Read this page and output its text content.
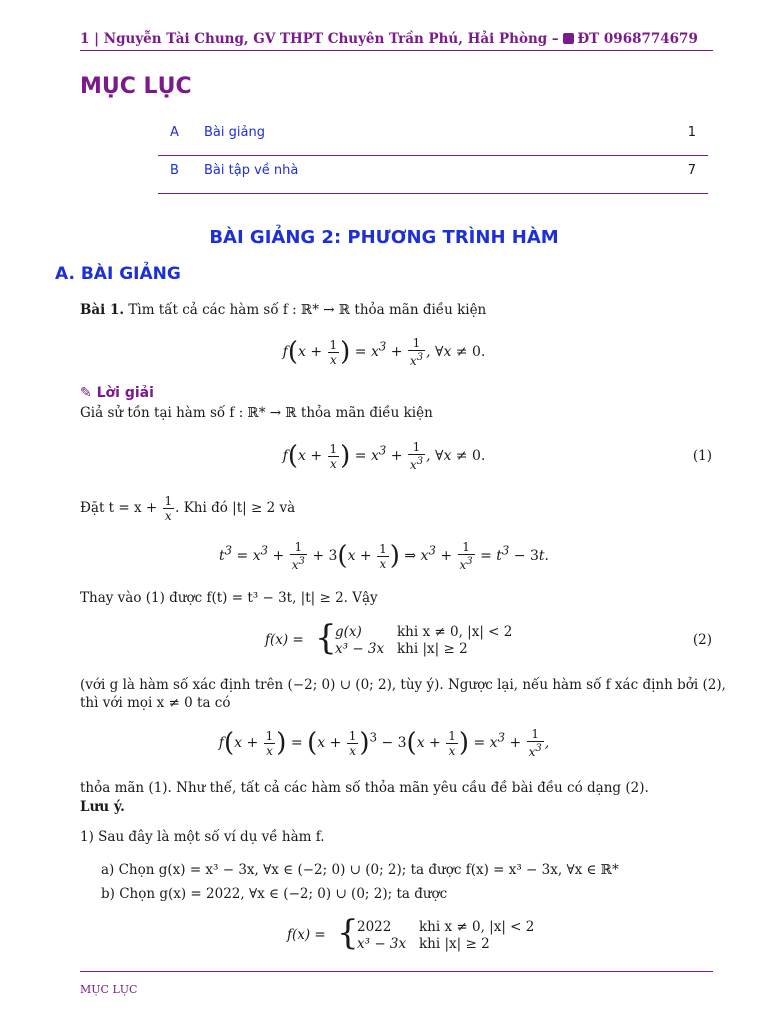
1 | Nguyễn Tài Chung, GV THPT Chuyên Trần Phú, Hải Phòng – ĐT 0968774679
MỤC LỤC
A Bài giảng	1
B Bài tập về nhà	7
BÀI GIẢNG 2: PHƯƠNG TRÌNH HÀM
A. BÀI GIẢNG
Bài 1. Tìm tất cả các hàm số f : ℝ* → ℝ thỏa mãn điều kiện
$f(x + \frac{1}{x}$ ) = $x^3 + \frac{1}{x^3}$ , ∀x ≠ 0.
✎ Lời giải
Giả sử tồn tại hàm số f : ℝ* → ℝ thỏa mãn điều kiện
$f(x + \frac{1}{x}$ ) = $x^3 + \frac{1}{x^3}$ , ∀x ≠ 0.	(1)
Đặt $t = x + \frac{1}{x}$ . Khi đó |t| ≥ 2 và
$t^3 = x^3 + \frac{1}{x^3} + 3(x + \frac{1}{x}$ ) ⇒ $x^3 + \frac{1}{x^3} = t^3 - 3t$.
Thay vào (1) được f(t) = t³ − 3t, |t| ≥ 2. Vậy
f(x) = {
g(x)	khi x ≠ 0, |x| < 2
x³ − 3x khi |x| ≥ 2
(2)
(với g là hàm số xác định trên (−2; 0) ∪ (0; 2), tùy ý). Ngược lại, nếu hàm số f xác định bởi (2),
thì với mọi x ≠ 0 ta có
$f(x + \frac{1}{x}$ ) = $(x + \frac{1}{x} )^3 - 3(x + \frac{1}{x}$ ) = $x^3 + \frac{1}{x^3}$ ,
thỏa mãn (1). Như thế, tất cả các hàm số thỏa mãn yêu cầu đề bài đều có dạng (2).
Lưu ý.
1) Sau đây là một số ví dụ về hàm f.
a) Chọn g(x) = x³ − 3x, ∀x ∈ (−2; 0) ∪ (0; 2); ta được f(x) = x³ − 3x, ∀x ∈ ℝ*
b) Chọn g(x) = 2022, ∀x ∈ (−2; 0) ∪ (0; 2); ta được
f(x) = {
2022 khi x ≠ 0, |x| < 2
x³ − 3x khi |x| ≥ 2
MỤC LỤC
